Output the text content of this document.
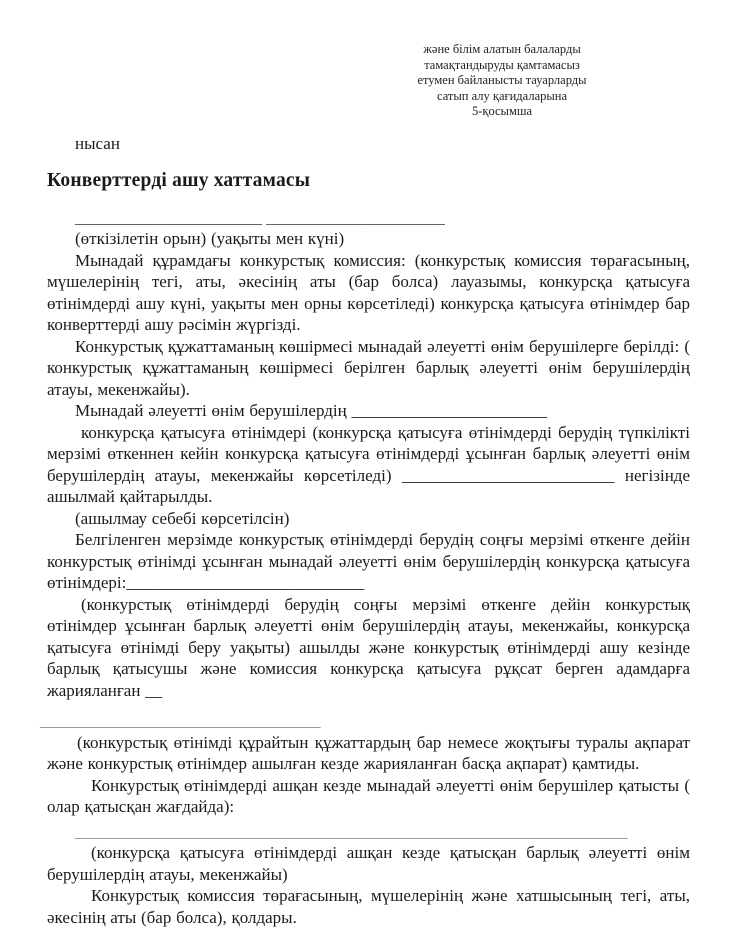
және білім алатын балаларды
тамақтандыруды қамтамасыз
етумен байланысты тауарларды
сатып алу қағидаларына
5-қосымша
нысан
Конверттерді ашу хаттамасы
______________________ _____________________

(өткізілетін орын) (уақыты мен күні)

Мынадай құрамдағы конкурстық комиссия: (конкурстық комиссия төрағасының, мүшелерінің тегі, аты, әкесінің аты (бар болса) лауазымы, конкурсқа қатысуға өтінімдерді ашу күні, уақыты мен орны көрсетіледі) конкурсқа қатысуға өтінімдер бар конверттерді ашу рәсімін жүргізді.

Конкурстық құжаттаманың көшірмесі мынадай әлеуетті өнім берушілерге берілді: ( конкурстық құжаттаманың көшірмесі берілген барлық әлеуетті өнім берушілердің атауы, мекенжайы).

Мынадай әлеуетті өнім берушілердің _______________________

конкурсқа қатысуға өтінімдері (конкурсқа қатысуға өтінімдерді берудің түпкілікті мерзімі өткеннен кейін конкурсқа қатысуға өтінімдерді ұсынған барлық әлеуетті өнім берушілердің атауы, мекенжайы көрсетіледі) _________________________ негізінде ашылмай қайтарылды.

(ашылмау себебі көрсетілсін)

Белгіленген мерзімде конкурстық өтінімдерді берудің соңғы мерзімі өткенге дейін конкурстық өтінімді ұсынған мынадай әлеуетті өнім берушілердің конкурсқа қатысуға өтінімдері:____________________________

(конкурстық өтінімдерді берудің соңғы мерзімі өткенге дейін конкурстық өтінімдер ұсынған барлық әлеуетті өнім берушілердің атауы, мекенжайы, конкурсқа қатысуға өтінімді беру уақыты) ашылды және конкурстық өтінімдерді ашу кезінде барлық қатысушы және комиссия конкурсқа қатысуға рұқсат берген адамдарға жарияланған __

_________________________________

(конкурстық өтінімді құрайтын құжаттардың бар немесе жоқтығы туралы ақпарат және конкурстық өтінімдер ашылған кезде жарияланған басқа ақпарат) қамтиды.

Конкурстық өтінімдерді ашқан кезде мынадай әлеуетті өнім берушілер қатысты ( олар қатысқан жағдайда):

_________________________________________________________________

(конкурсқа қатысуға өтінімдерді ашқан кезде қатысқан барлық әлеуетті өнім берушілердің атауы, мекенжайы)

Конкурстық комиссия төрағасының, мүшелерінің және хатшысының тегі, аты, әкесінің аты (бар болса), қолдары.
